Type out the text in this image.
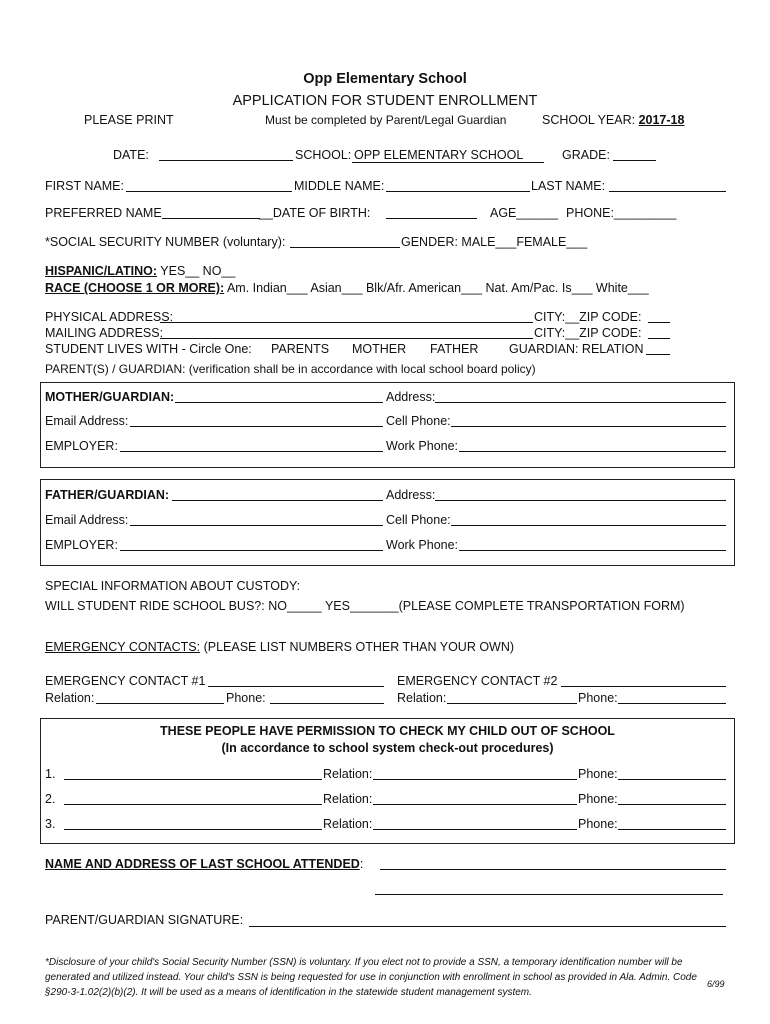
Opp Elementary School
APPLICATION FOR STUDENT ENROLLMENT
PLEASE PRINT	Must be completed by Parent/Legal Guardian	SCHOOL YEAR: 2017-18
DATE:	SCHOOL: OPP ELEMENTARY SCHOOL	GRADE:
FIRST NAME:	MIDDLE NAME:	LAST NAME:
PREFERRED NAME	__DATE OF BIRTH:	AGE______ PHONE:_________
*SOCIAL SECURITY NUMBER (voluntary):	GENDER: MALE___FEMALE___
HISPANIC/LATINO: YES__ NO__
RACE (CHOOSE 1 OR MORE): Am. Indian___ Asian___ Blk/Afr. American___ Nat. Am/Pac. Is___ White___
PHYSICAL ADDRESS:	CITY:__ZIP CODE:
MAILING ADDRESS:	CITY:__ZIP CODE:
STUDENT LIVES WITH - Circle One: PARENTS MOTHER FATHER GUARDIAN: RELATION
PARENT(S) / GUARDIAN: (verification shall be in accordance with local school board policy)
MOTHER/GUARDIAN:	Address:
Email Address:	Cell Phone:
EMPLOYER:	Work Phone:
FATHER/GUARDIAN:	Address:
Email Address:	Cell Phone:
EMPLOYER:	Work Phone:
SPECIAL INFORMATION ABOUT CUSTODY:
WILL STUDENT RIDE SCHOOL BUS?: NO_____ YES_______(PLEASE COMPLETE TRANSPORTATION FORM)
EMERGENCY CONTACTS: (PLEASE LIST NUMBERS OTHER THAN YOUR OWN)
EMERGENCY CONTACT #1	EMERGENCY CONTACT #2
Relation:	Phone:	Relation:	Phone:
THESE PEOPLE HAVE PERMISSION TO CHECK MY CHILD OUT OF SCHOOL
(In accordance to school system check-out procedures)
1.	Relation:	Phone:
2.	Relation:	Phone:
3.	Relation:	Phone:
NAME AND ADDRESS OF LAST SCHOOL ATTENDED:
PARENT/GUARDIAN SIGNATURE:
*Disclosure of your child's Social Security Number (SSN) is voluntary. If you elect not to provide a SSN, a temporary identification number will be generated and utilized instead. Your child's SSN is being requested for use in conjunction with enrollment in school as provided in Ala. Admin. Code §290-3-1.02(2)(b)(2). It will be used as a means of identification in the statewide student management system.
6/99
